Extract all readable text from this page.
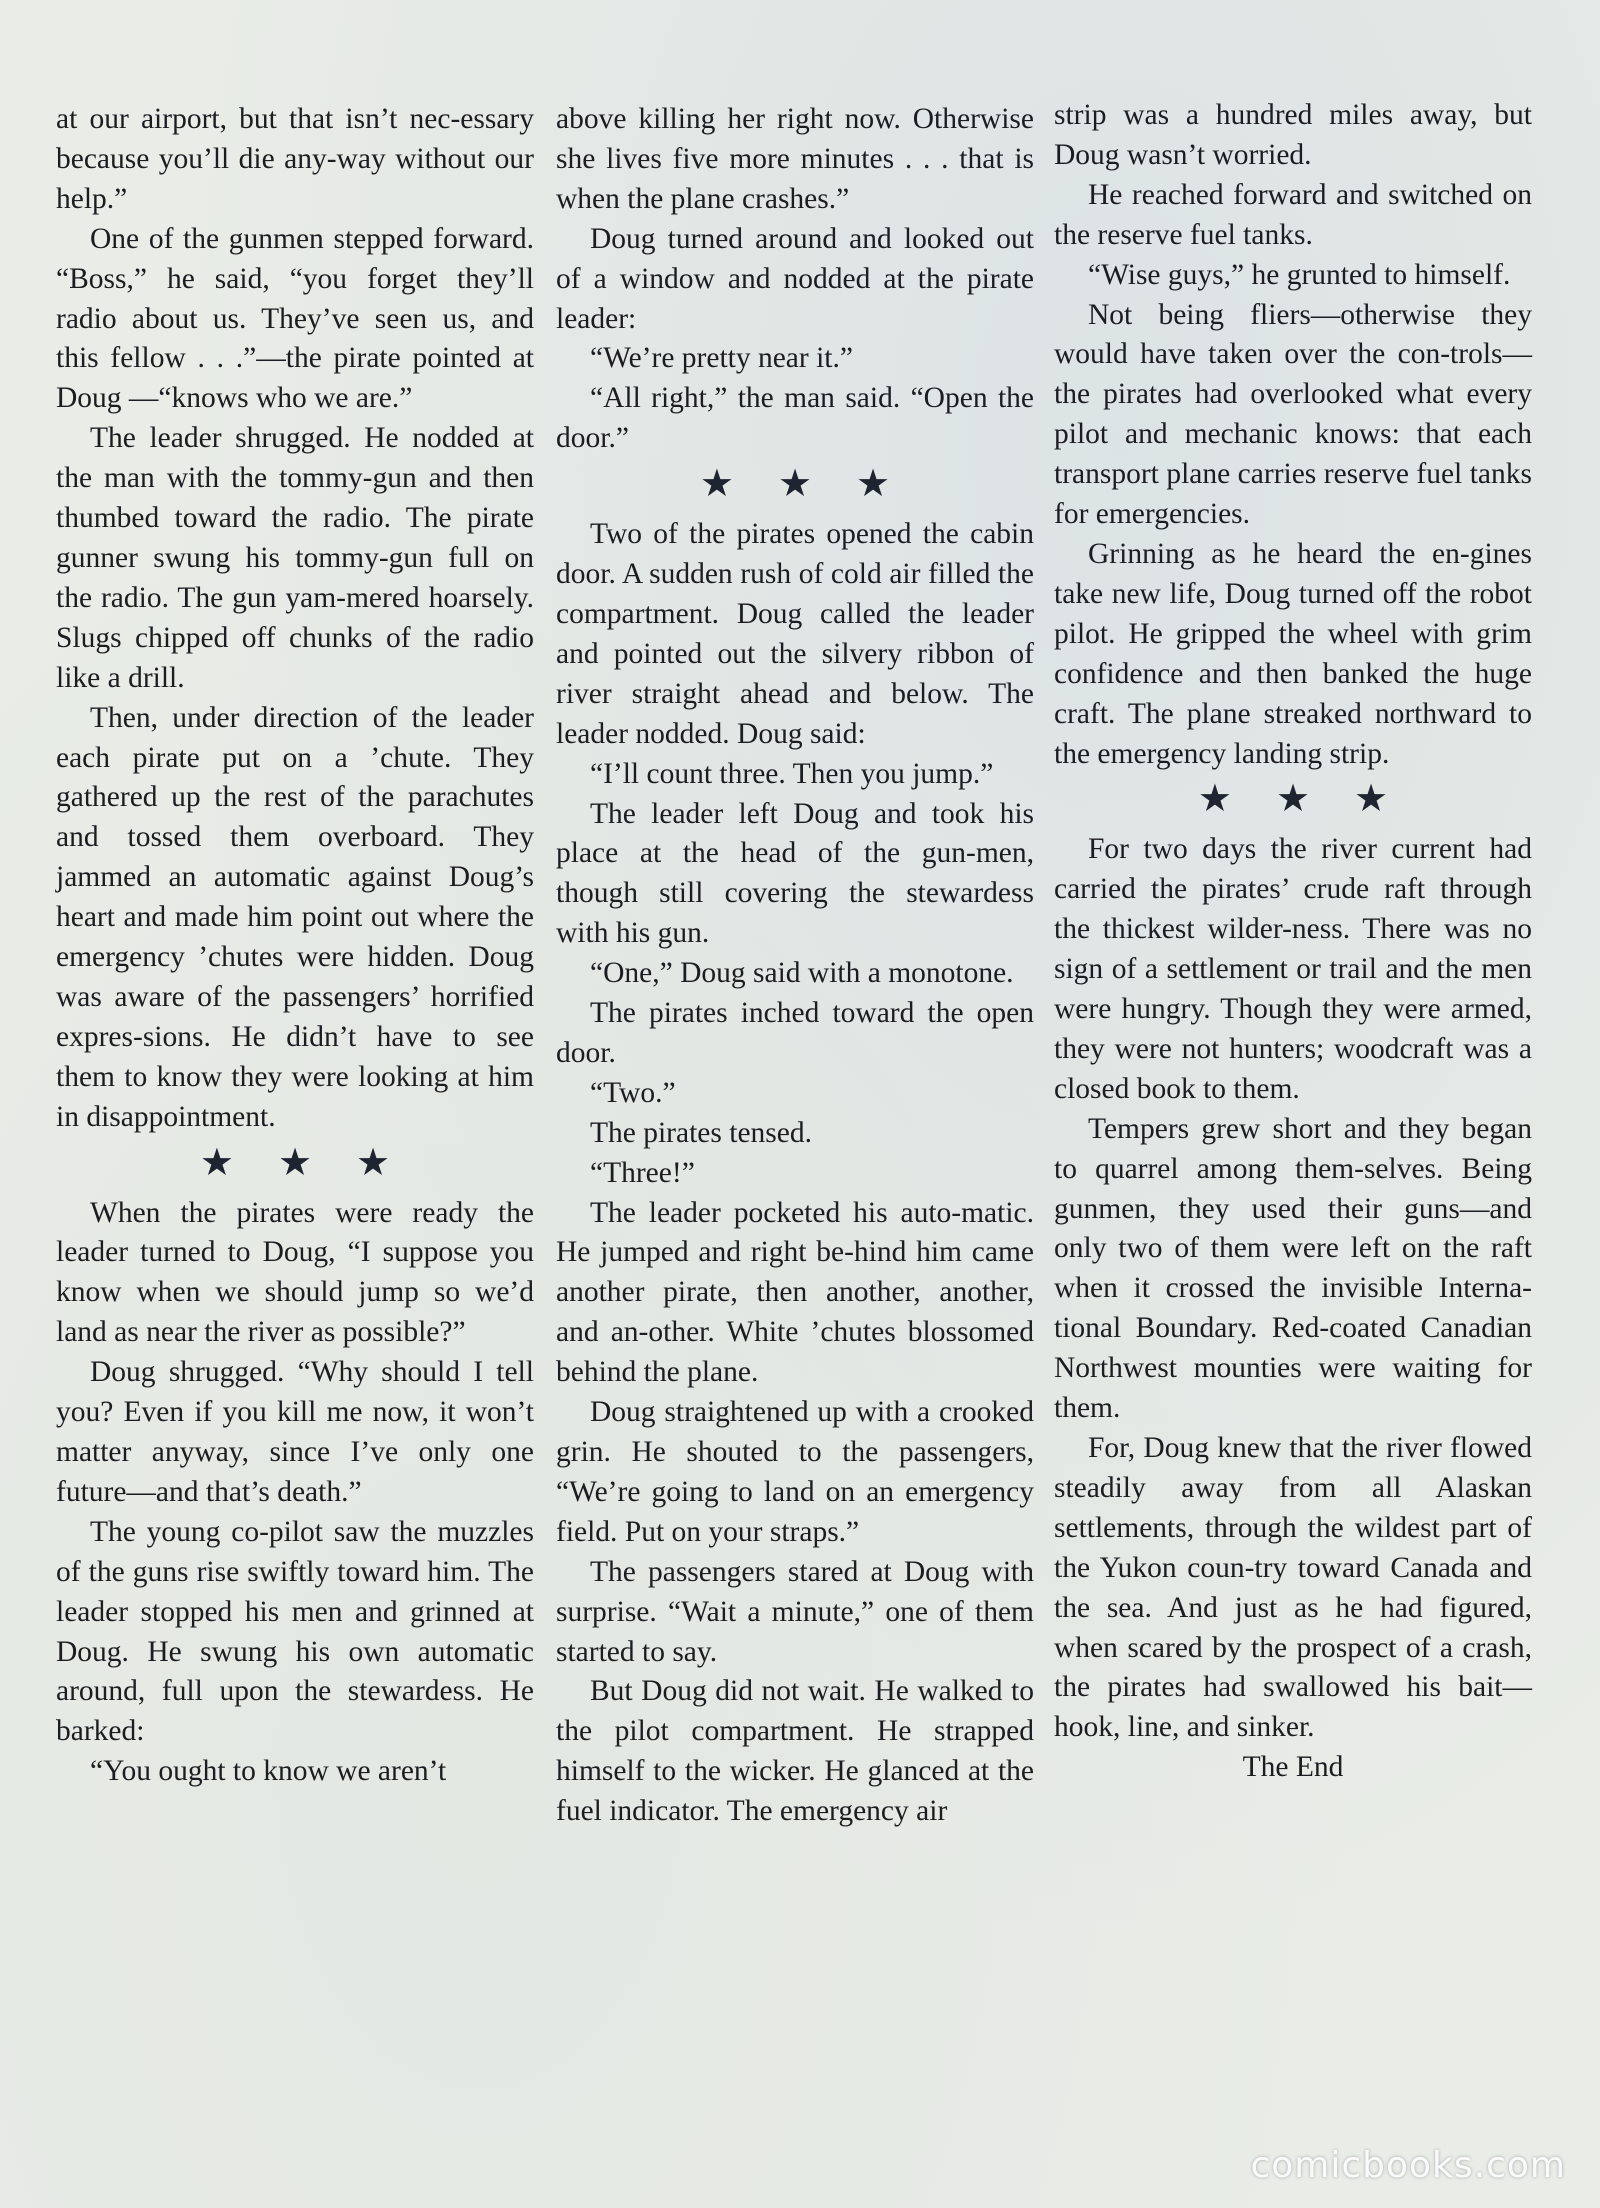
at our airport, but that isn’t nec-essary because you’ll die any-way without our help.”

One of the gunmen stepped forward. “Boss,” he said, “you forget they’ll radio about us. They’ve seen us, and this fellow . . .”—the pirate pointed at Doug —“knows who we are.”

The leader shrugged. He nodded at the man with the tommy-gun and then thumbed toward the radio. The pirate gunner swung his tommy-gun full on the radio. The gun yam-mered hoarsely. Slugs chipped off chunks of the radio like a drill.

Then, under direction of the leader each pirate put on a ’chute. They gathered up the rest of the parachutes and tossed them overboard. They jammed an automatic against Doug’s heart and made him point out where the emergency ’chutes were hidden. Doug was aware of the passengers’ horrified expres-sions. He didn’t have to see them to know they were looking at him in disappointment.

★ ★ ★

When the pirates were ready the leader turned to Doug, “I suppose you know when we should jump so we’d land as near the river as possible?”

Doug shrugged. “Why should I tell you? Even if you kill me now, it won’t matter anyway, since I’ve only one future—and that’s death.”

The young co-pilot saw the muzzles of the guns rise swiftly toward him. The leader stopped his men and grinned at Doug. He swung his own automatic around, full upon the stewardess. He barked:

“You ought to know we aren’t

above killing her right now. Otherwise she lives five more minutes . . . that is when the plane crashes.”

Doug turned around and looked out of a window and nodded at the pirate leader:

“We’re pretty near it.”

“All right,” the man said. “Open the door.”

★ ★ ★

Two of the pirates opened the cabin door. A sudden rush of cold air filled the compartment. Doug called the leader and pointed out the silvery ribbon of river straight ahead and below. The leader nodded. Doug said:

“I’ll count three. Then you jump.”

The leader left Doug and took his place at the head of the gun-men, though still covering the stewardess with his gun.

“One,” Doug said with a monotone.

The pirates inched toward the open door.

“Two.”

The pirates tensed.

“Three!”

The leader pocketed his auto-matic. He jumped and right be-hind him came another pirate, then another, another, and an-other. White ’chutes blossomed behind the plane.

Doug straightened up with a crooked grin. He shouted to the passengers, “We’re going to land on an emergency field. Put on your straps.”

The passengers stared at Doug with surprise. “Wait a minute,” one of them started to say.

But Doug did not wait. He walked to the pilot compartment. He strapped himself to the wicker. He glanced at the fuel indicator. The emergency air

strip was a hundred miles away, but Doug wasn’t worried.

He reached forward and switched on the reserve fuel tanks.

“Wise guys,” he grunted to himself.

Not being fliers—otherwise they would have taken over the con-trols—the pirates had overlooked what every pilot and mechanic knows: that each transport plane carries reserve fuel tanks for emergencies.

Grinning as he heard the en-gines take new life, Doug turned off the robot pilot. He gripped the wheel with grim confidence and then banked the huge craft. The plane streaked northward to the emergency landing strip.

★ ★ ★

For two days the river current had carried the pirates’ crude raft through the thickest wilder-ness. There was no sign of a settlement or trail and the men were hungry. Though they were armed, they were not hunters; woodcraft was a closed book to them.

Tempers grew short and they began to quarrel among them-selves. Being gunmen, they used their guns—and only two of them were left on the raft when it crossed the invisible Interna-tional Boundary. Red-coated Canadian Northwest mounties were waiting for them.

For, Doug knew that the river flowed steadily away from all Alaskan settlements, through the wildest part of the Yukon coun-try toward Canada and the sea. And just as he had figured, when scared by the prospect of a crash, the pirates had swallowed his bait—hook, line, and sinker.

The End

comicbooks.com
